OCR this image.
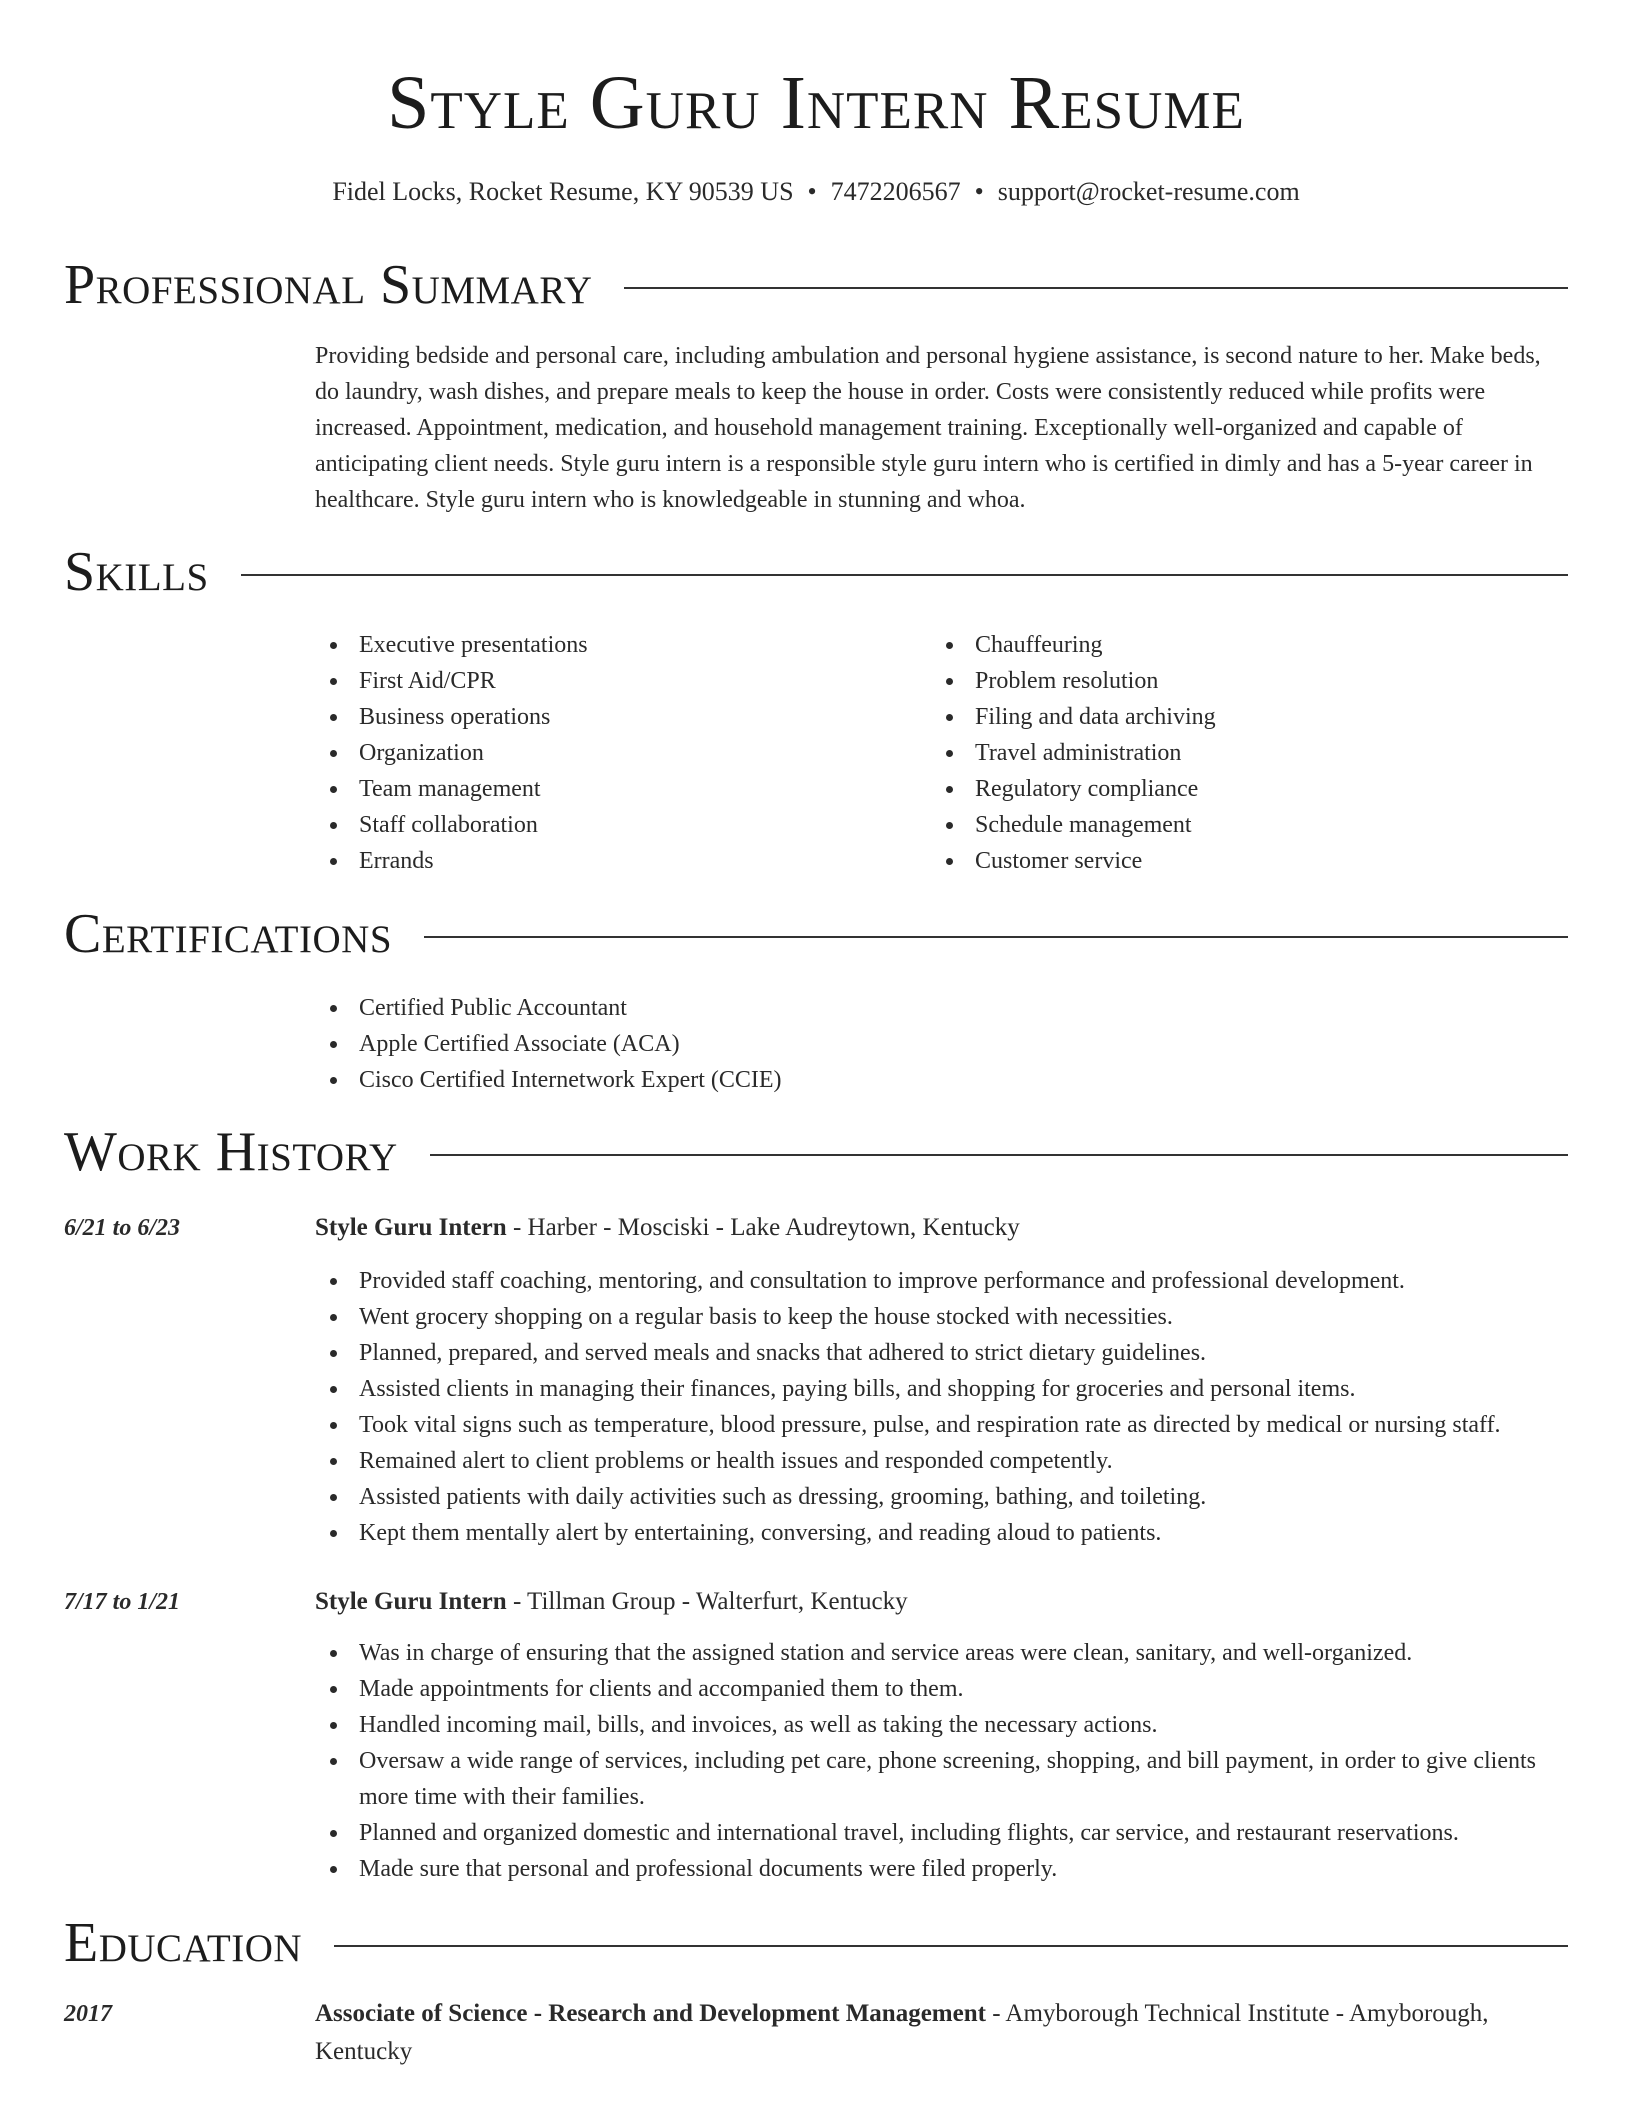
Style Guru Intern Resume
Fidel Locks, Rocket Resume, KY 90539 US • 7472206567 • support@rocket-resume.com
Professional Summary

Providing bedside and personal care, including ambulation and personal hygiene assistance, is second nature to her. Make beds, do laundry, wash dishes, and prepare meals to keep the house in order. Costs were consistently reduced while profits were increased. Appointment, medication, and household management training. Exceptionally well-organized and capable of anticipating client needs. Style guru intern is a responsible style guru intern who is certified in dimly and has a 5-year career in healthcare. Style guru intern who is knowledgeable in stunning and whoa.

Skills
Executive presentations
First Aid/CPR
Business operations
Organization
Team management
Staff collaboration
Errands
Chauffeuring
Problem resolution
Filing and data archiving
Travel administration
Regulatory compliance
Schedule management
Customer service
Certifications
Certified Public Accountant
Apple Certified Associate (ACA)
Cisco Certified Internetwork Expert (CCIE)
Work History
6/21 to 6/23	Style Guru Intern - Harber - Mosciski - Lake Audreytown, Kentucky
Provided staff coaching, mentoring, and consultation to improve performance and professional development.
Went grocery shopping on a regular basis to keep the house stocked with necessities.
Planned, prepared, and served meals and snacks that adhered to strict dietary guidelines.
Assisted clients in managing their finances, paying bills, and shopping for groceries and personal items.
Took vital signs such as temperature, blood pressure, pulse, and respiration rate as directed by medical or nursing staff.
Remained alert to client problems or health issues and responded competently.
Assisted patients with daily activities such as dressing, grooming, bathing, and toileting.
Kept them mentally alert by entertaining, conversing, and reading aloud to patients.
7/17 to 1/21	Style Guru Intern - Tillman Group - Walterfurt, Kentucky
Was in charge of ensuring that the assigned station and service areas were clean, sanitary, and well-organized.
Made appointments for clients and accompanied them to them.
Handled incoming mail, bills, and invoices, as well as taking the necessary actions.
Oversaw a wide range of services, including pet care, phone screening, shopping, and bill payment, in order to give clients more time with their families.
Planned and organized domestic and international travel, including flights, car service, and restaurant reservations.
Made sure that personal and professional documents were filed properly.
Education
2017	Associate of Science - Research and Development Management - Amyborough Technical Institute - Amyborough, Kentucky
